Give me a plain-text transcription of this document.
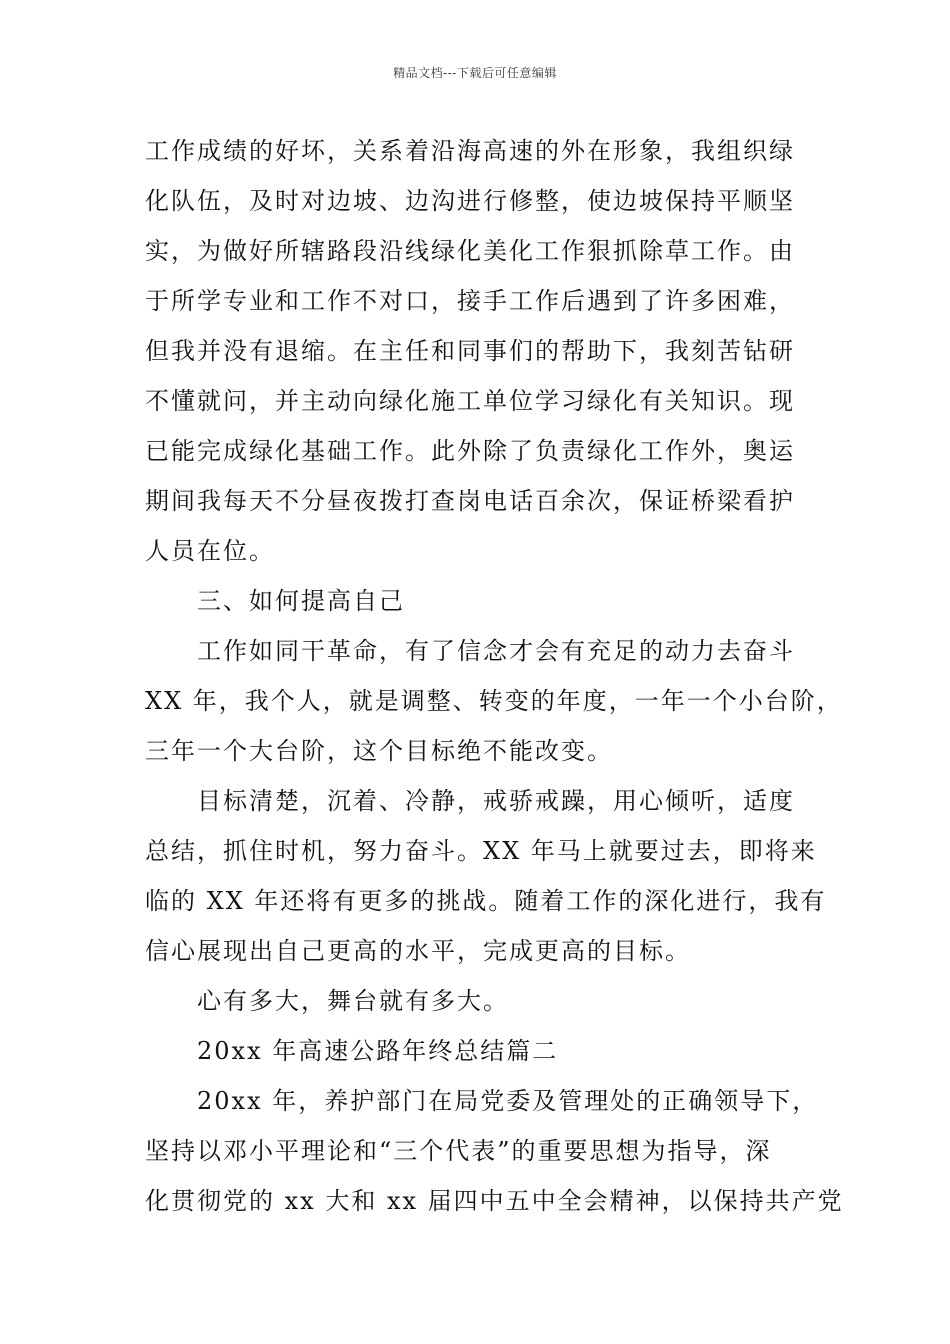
精品文档---下载后可任意编辑
工作成绩的好坏，关系着沿海高速的外在形象，我组织绿
化队伍，及时对边坡、边沟进行修整，使边坡保持平顺坚
实，为做好所辖路段沿线绿化美化工作狠抓除草工作。由
于所学专业和工作不对口，接手工作后遇到了许多困难，
但我并没有退缩。在主任和同事们的帮助下，我刻苦钻研
不懂就问，并主动向绿化施工单位学习绿化有关知识。现
已能完成绿化基础工作。此外除了负责绿化工作外，奥运
期间我每天不分昼夜拨打查岗电话百余次，保证桥梁看护
人员在位。
三、如何提高自己
工作如同干革命，有了信念才会有充足的动力去奋斗
XX 年，我个人，就是调整、转变的年度，一年一个小台阶，
三年一个大台阶，这个目标绝不能改变。
目标清楚，沉着、冷静，戒骄戒躁，用心倾听，适度
总结，抓住时机，努力奋斗。XX 年马上就要过去，即将来
临的 XX 年还将有更多的挑战。随着工作的深化进行，我有
信心展现出自己更高的水平，完成更高的目标。
心有多大，舞台就有多大。
20xx 年高速公路年终总结篇二
20xx 年，养护部门在局党委及管理处的正确领导下，
坚持以邓小平理论和“三个代表”的重要思想为指导，深
化贯彻党的 xx 大和 xx 届四中五中全会精神，以保持共产党
